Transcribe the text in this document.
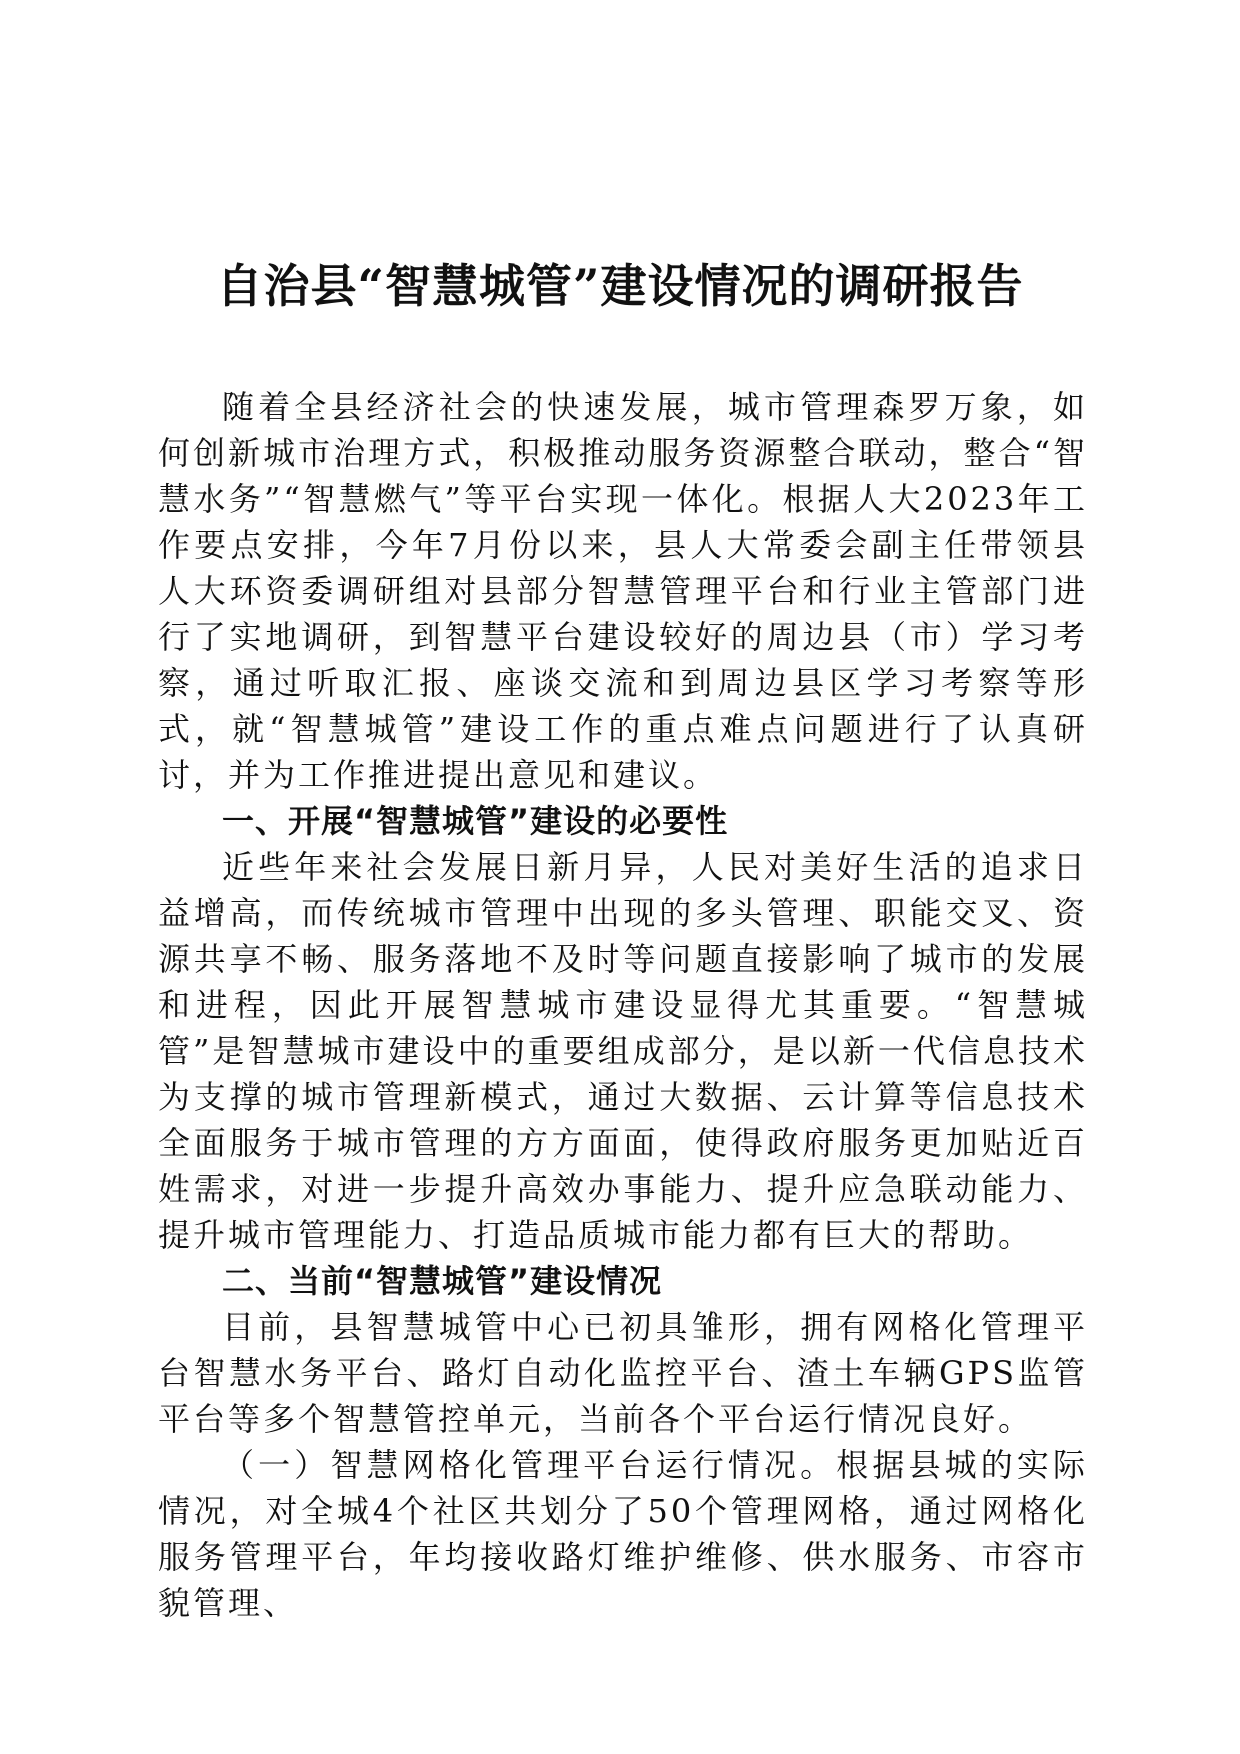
自治县“智慧城管”建设情况的调研报告

随着全县经济社会的快速发展，城市管理森罗万象，如何创新城市治理方式，积极推动服务资源整合联动，整合“智慧水务”“智慧燃气”等平台实现一体化。根据人大2023年工作要点安排，今年7月份以来，县人大常委会副主任带领县人大环资委调研组对县部分智慧管理平台和行业主管部门进行了实地调研，到智慧平台建设较好的周边县（市）学习考察，通过听取汇报、座谈交流和到周边县区学习考察等形式，就“智慧城管”建设工作的重点难点问题进行了认真研讨，并为工作推进提出意见和建议。

一、开展“智慧城管”建设的必要性

近些年来社会发展日新月异，人民对美好生活的追求日益增高，而传统城市管理中出现的多头管理、职能交叉、资源共享不畅、服务落地不及时等问题直接影响了城市的发展和进程，因此开展智慧城市建设显得尤其重要。“智慧城管”是智慧城市建设中的重要组成部分，是以新一代信息技术为支撑的城市管理新模式，通过大数据、云计算等信息技术全面服务于城市管理的方方面面，使得政府服务更加贴近百姓需求，对进一步提升高效办事能力、提升应急联动能力、提升城市管理能力、打造品质城市能力都有巨大的帮助。

二、当前“智慧城管”建设情况

目前，县智慧城管中心已初具雏形，拥有网格化管理平台智慧水务平台、路灯自动化监控平台、渣土车辆GPS监管平台等多个智慧管控单元，当前各个平台运行情况良好。

（一）智慧网格化管理平台运行情况。根据县城的实际情况，对全城4个社区共划分了50个管理网格，通过网格化服务管理平台，年均接收路灯维护维修、供水服务、市容市貌管理、
